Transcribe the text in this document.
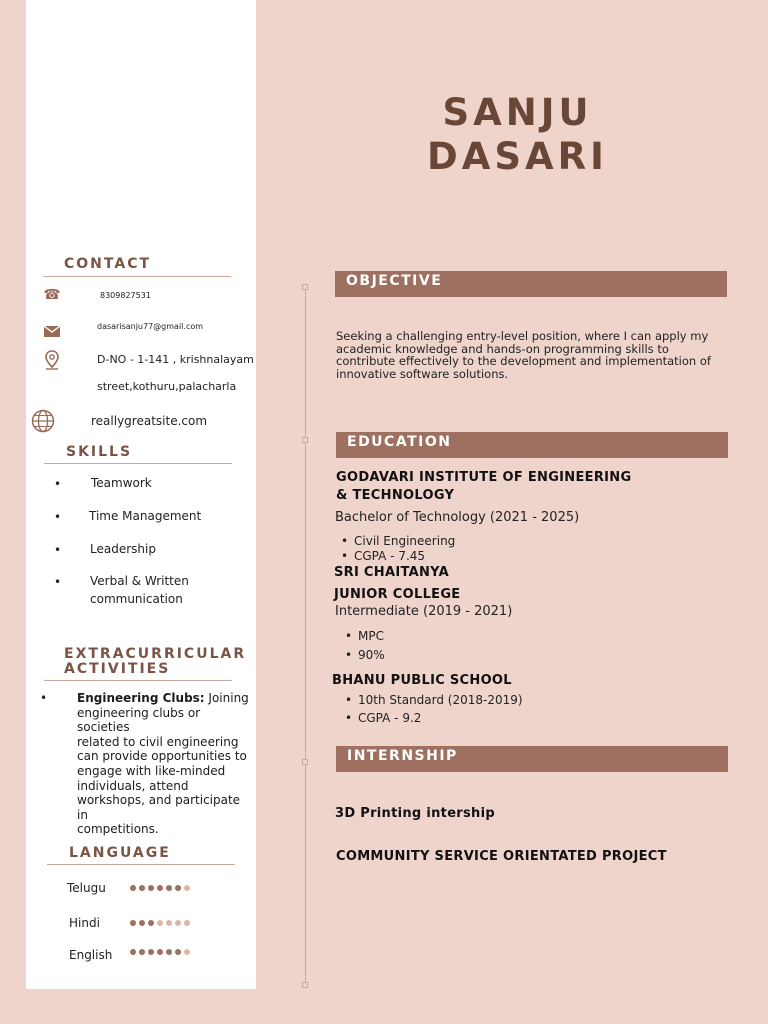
CONTACT
☎	8309827531
dasarisanju77@gmail.com
D-NO - 1-141 , krishnalayam
street,kothuru,palacharla
reallygreatsite.com
SKILLS
• Teamwork
• Time Management
• Leadership
• Verbal & Written
communication
EXTRACURRICULAR
ACTIVITIES
• Engineering Clubs: Joining
engineering clubs or societies
related to civil engineering
can provide opportunities to
engage with like-minded
individuals, attend
workshops, and participate in
competitions.
LANGUAGE
Telugu
Hindi
English
SANJU
DASARI
OBJECTIVE
Seeking a challenging entry-level position, where I can apply my
academic knowledge and hands-on programming skills to
contribute effectively to the development and implementation of
innovative software solutions.
EDUCATION
GODAVARI INSTITUTE OF ENGINEERING
& TECHNOLOGY
Bachelor of Technology (2021 - 2025)
• Civil Engineering
• CGPA - 7.45
SRI CHAITANYA
JUNIOR COLLEGE
Intermediate (2019 - 2021)
• MPC
• 90%
BHANU PUBLIC SCHOOL
• 10th Standard (2018-2019)
• CGPA - 9.2
INTERNSHIP
3D Printing intership
COMMUNITY SERVICE ORIENTATED PROJECT
